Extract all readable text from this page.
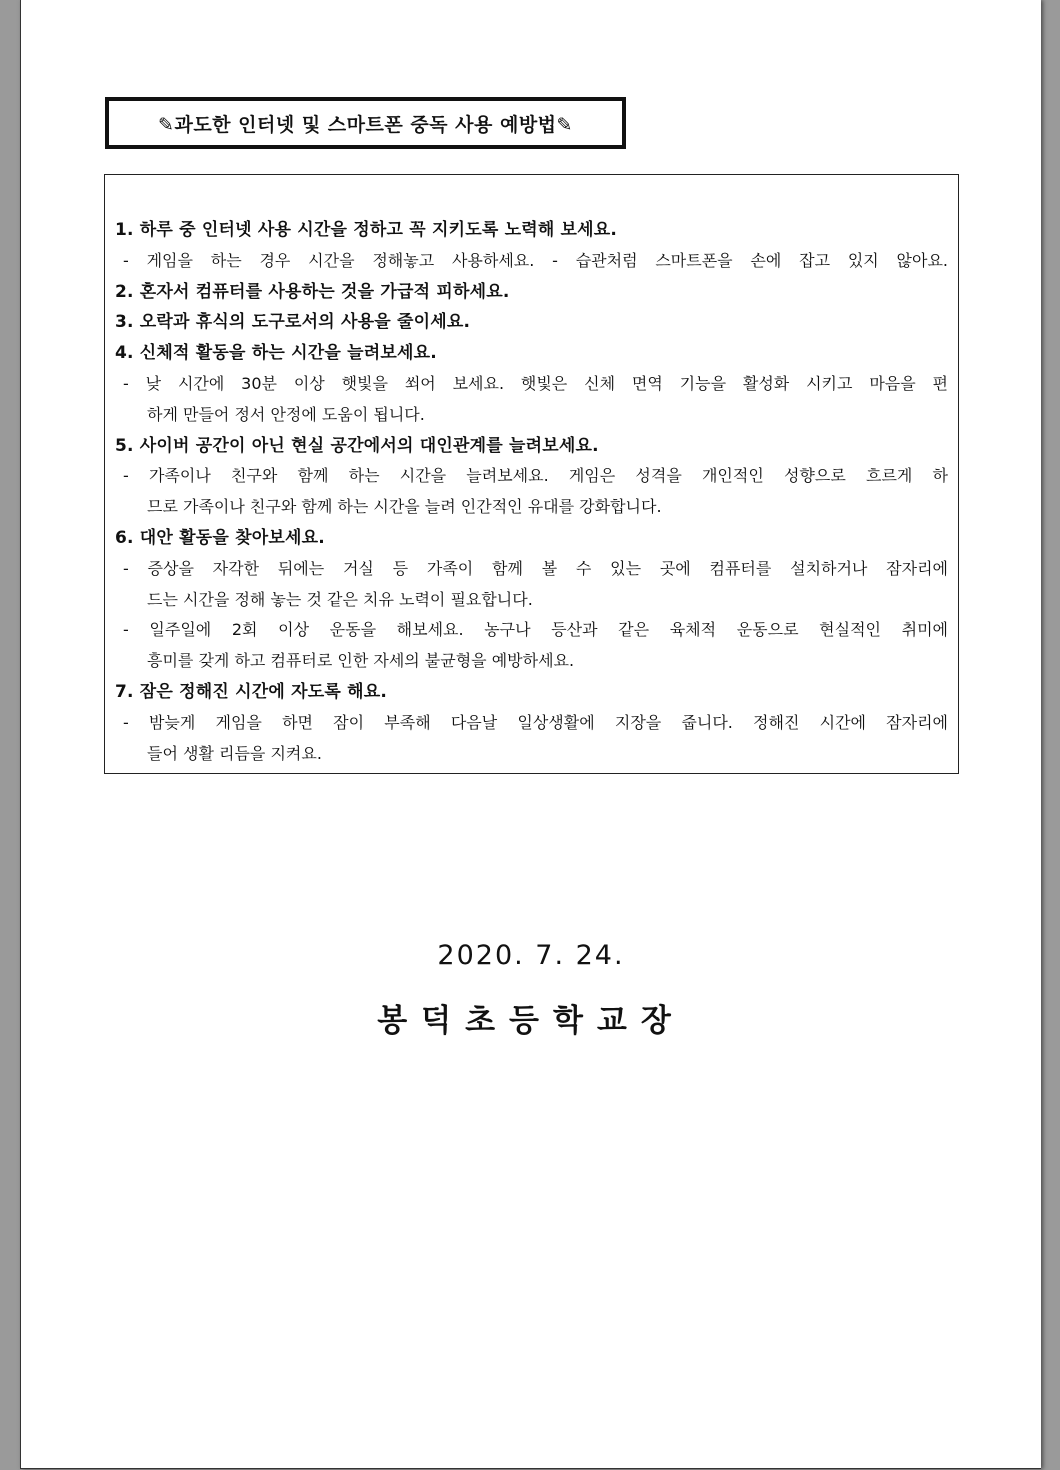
✎과도한 인터넷 및 스마트폰 중독 사용 예방법✎
1. 하루 중 인터넷 사용 시간을 정하고 꼭 지키도록 노력해 보세요.
- 게임을 하는 경우 시간을 정해놓고 사용하세요. - 습관처럼 스마트폰을 손에 잡고 있지 않아요.
2. 혼자서 컴퓨터를 사용하는 것을 가급적 피하세요.
3. 오락과 휴식의 도구로서의 사용을 줄이세요.
4. 신체적 활동을 하는 시간을 늘려보세요.
- 낮 시간에 30분 이상 햇빛을 쐬어 보세요. 햇빛은 신체 면역 기능을 활성화 시키고 마음을 편
하게 만들어 정서 안정에 도움이 됩니다.
5. 사이버 공간이 아닌 현실 공간에서의 대인관계를 늘려보세요.
- 가족이나 친구와 함께 하는 시간을 늘려보세요. 게임은 성격을 개인적인 성향으로 흐르게 하
므로 가족이나 친구와 함께 하는 시간을 늘려 인간적인 유대를 강화합니다.
6. 대안 활동을 찾아보세요.
- 증상을 자각한 뒤에는 거실 등 가족이 함께 볼 수 있는 곳에 컴퓨터를 설치하거나 잠자리에
드는 시간을 정해 놓는 것 같은 치유 노력이 필요합니다.
- 일주일에 2회 이상 운동을 해보세요. 농구나 등산과 같은 육체적 운동으로 현실적인 취미에
흥미를 갖게 하고 컴퓨터로 인한 자세의 불균형을 예방하세요.
7. 잠은 정해진 시간에 자도록 해요.
- 밤늦게 게임을 하면 잠이 부족해 다음날 일상생활에 지장을 줍니다. 정해진 시간에 잠자리에
들어 생활 리듬을 지켜요.
2020. 7. 24.
봉덕초등학교장
